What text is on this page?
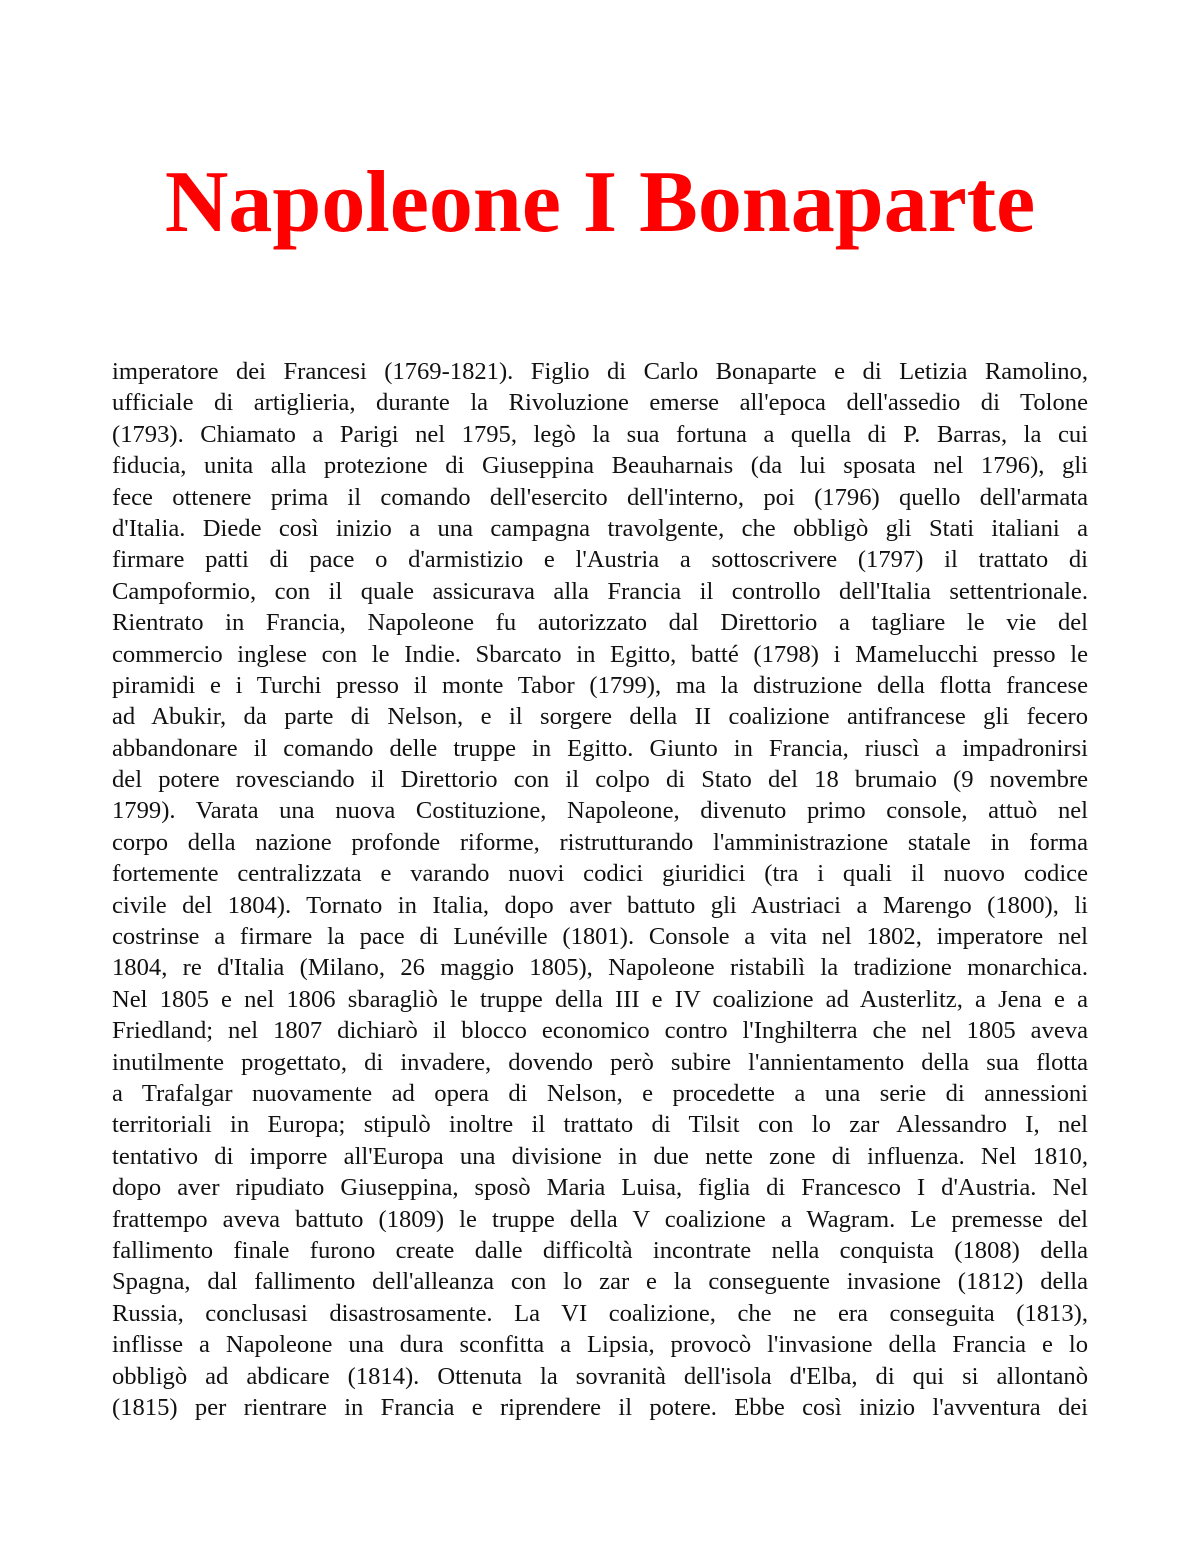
Napoleone I Bonaparte
imperatore dei Francesi (1769-1821). Figlio di Carlo Bonaparte e di Letizia Ramolino,
ufficiale di artiglieria, durante la Rivoluzione emerse all'epoca dell'assedio di Tolone
(1793). Chiamato a Parigi nel 1795, legò la sua fortuna a quella di P. Barras, la cui
fiducia, unita alla protezione di Giuseppina Beauharnais (da lui sposata nel 1796), gli
fece ottenere prima il comando dell'esercito dell'interno, poi (1796) quello dell'armata
d'Italia. Diede così inizio a una campagna travolgente, che obbligò gli Stati italiani a
firmare patti di pace o d'armistizio e l'Austria a sottoscrivere (1797) il trattato di
Campoformio, con il quale assicurava alla Francia il controllo dell'Italia settentrionale.
Rientrato in Francia, Napoleone fu autorizzato dal Direttorio a tagliare le vie del
commercio inglese con le Indie. Sbarcato in Egitto, batté (1798) i Mamelucchi presso le
piramidi e i Turchi presso il monte Tabor (1799), ma la distruzione della flotta francese
ad Abukir, da parte di Nelson, e il sorgere della II coalizione antifrancese gli fecero
abbandonare il comando delle truppe in Egitto. Giunto in Francia, riuscì a impadronirsi
del potere rovesciando il Direttorio con il colpo di Stato del 18 brumaio (9 novembre
1799). Varata una nuova Costituzione, Napoleone, divenuto primo console, attuò nel
corpo della nazione profonde riforme, ristrutturando l'amministrazione statale in forma
fortemente centralizzata e varando nuovi codici giuridici (tra i quali il nuovo codice
civile del 1804). Tornato in Italia, dopo aver battuto gli Austriaci a Marengo (1800), li
costrinse a firmare la pace di Lunéville (1801). Console a vita nel 1802, imperatore nel
1804, re d'Italia (Milano, 26 maggio 1805), Napoleone ristabilì la tradizione monarchica.
Nel 1805 e nel 1806 sbaragliò le truppe della III e IV coalizione ad Austerlitz, a Jena e a
Friedland; nel 1807 dichiarò il blocco economico contro l'Inghilterra che nel 1805 aveva
inutilmente progettato, di invadere, dovendo però subire l'annientamento della sua flotta
a Trafalgar nuovamente ad opera di Nelson, e procedette a una serie di annessioni
territoriali in Europa; stipulò inoltre il trattato di Tilsit con lo zar Alessandro I, nel
tentativo di imporre all'Europa una divisione in due nette zone di influenza. Nel 1810,
dopo aver ripudiato Giuseppina, sposò Maria Luisa, figlia di Francesco I d'Austria. Nel
frattempo aveva battuto (1809) le truppe della V coalizione a Wagram. Le premesse del
fallimento finale furono create dalle difficoltà incontrate nella conquista (1808) della
Spagna, dal fallimento dell'alleanza con lo zar e la conseguente invasione (1812) della
Russia, conclusasi disastrosamente. La VI coalizione, che ne era conseguita (1813),
inflisse a Napoleone una dura sconfitta a Lipsia, provocò l'invasione della Francia e lo
obbligò ad abdicare (1814). Ottenuta la sovranità dell'isola d'Elba, di qui si allontanò
(1815) per rientrare in Francia e riprendere il potere. Ebbe così inizio l'avventura dei
